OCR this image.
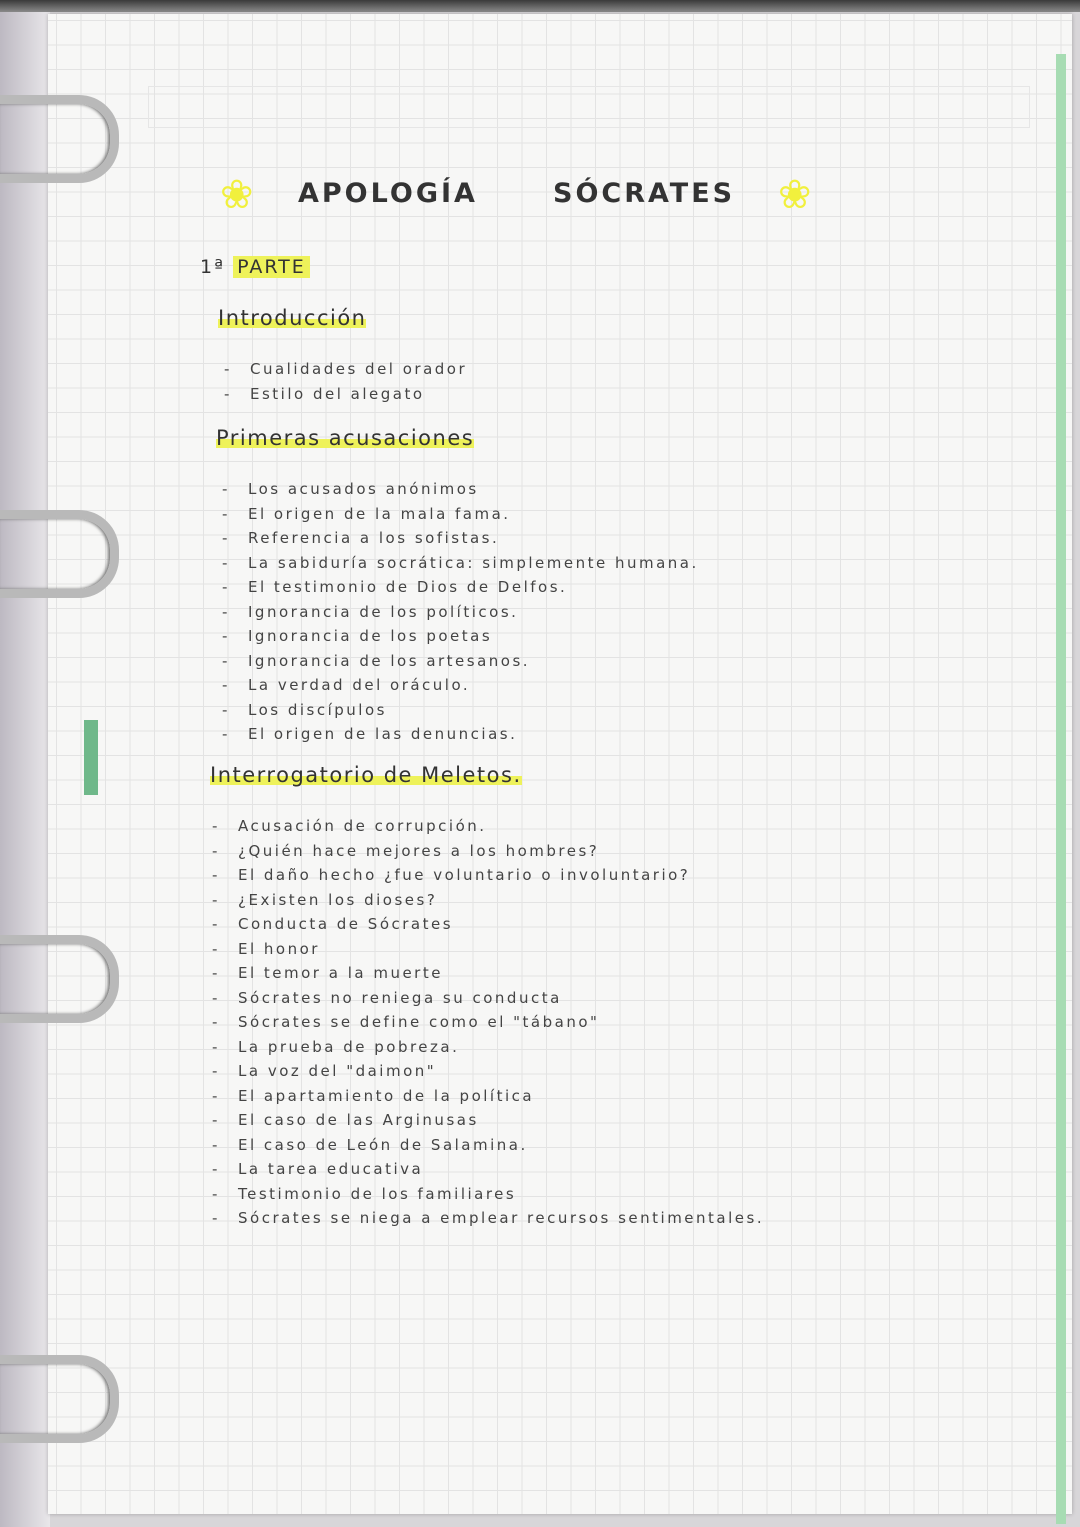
❀	APOLOGÍA	SÓCRATES ❀
1ª PARTE
Introducción
- Cualidades del orador
- Estilo del alegato
Primeras acusaciones
- Los acusados anónimos
- El origen de la mala fama.
- Referencia a los sofistas.
- La sabiduría socrática: simplemente humana.
- El testimonio de Dios de Delfos.
- Ignorancia de los políticos.
- Ignorancia de los poetas
- Ignorancia de los artesanos.
- La verdad del oráculo.
- Los discípulos
- El origen de las denuncias.
Interrogatorio de Meletos.
- Acusación de corrupción.
- ¿Quién hace mejores a los hombres?
- El daño hecho ¿fue voluntario o involuntario?
- ¿Existen los dioses?
- Conducta de Sócrates
- El honor
- El temor a la muerte
- Sócrates no reniega su conducta
- Sócrates se define como el "tábano"
- La prueba de pobreza.
- La voz del "daimon"
- El apartamiento de la política
- El caso de las Arginusas
- El caso de León de Salamina.
- La tarea educativa
- Testimonio de los familiares
- Sócrates se niega a emplear recursos sentimentales.
